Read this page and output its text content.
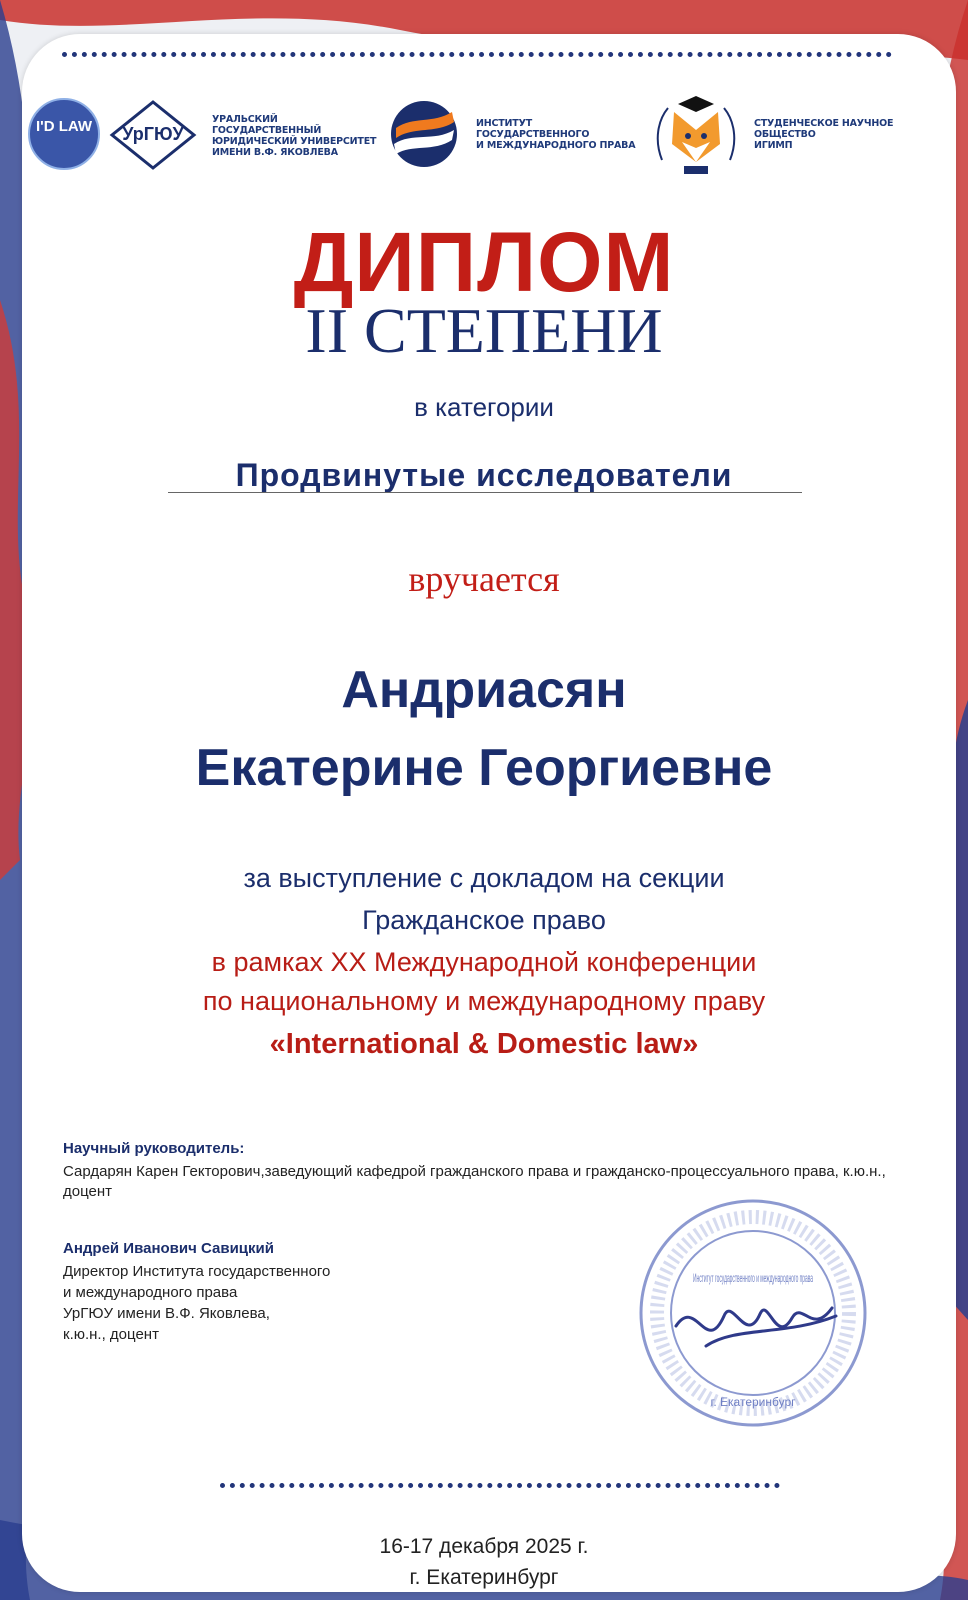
I'D LAW УрГЮУ
УРАЛЬСКИЙ ГОСУДАРСТВЕННЫЙ
ЮРИДИЧЕСКИЙ УНИВЕРСИТЕТ
ИМЕНИ В.Ф. ЯКОВЛЕВА
ИНСТИТУТ ГОСУДАРСТВЕННОГО
И МЕЖДУНАРОДНОГО ПРАВА
СТУДЕНЧЕСКОЕ НАУЧНОЕ ОБЩЕСТВО
ИГИМП
ДИПЛОМ
II СТЕПЕНИ
в категории
Продвинутые исследователи
вручается
Андриасян
Екатерине Георгиевне
за выступление с докладом на секции
Гражданское право
в рамках XX Международной конференции
по национальному и международному праву
«International & Domestic law»
Научный руководитель:
Сардарян Карен Гекторович,заведующий кафедрой гражданского права и гражданско-процессуального права, к.ю.н., доцент
Андрей Иванович Савицкий
Директор Института государственного
и международного права
УрГЮУ имени В.Ф. Яковлева,
к.ю.н., доцент
Институт государственного и международного права
г. Екатеринбург
16-17 декабря 2025 г.
г. Екатеринбург
